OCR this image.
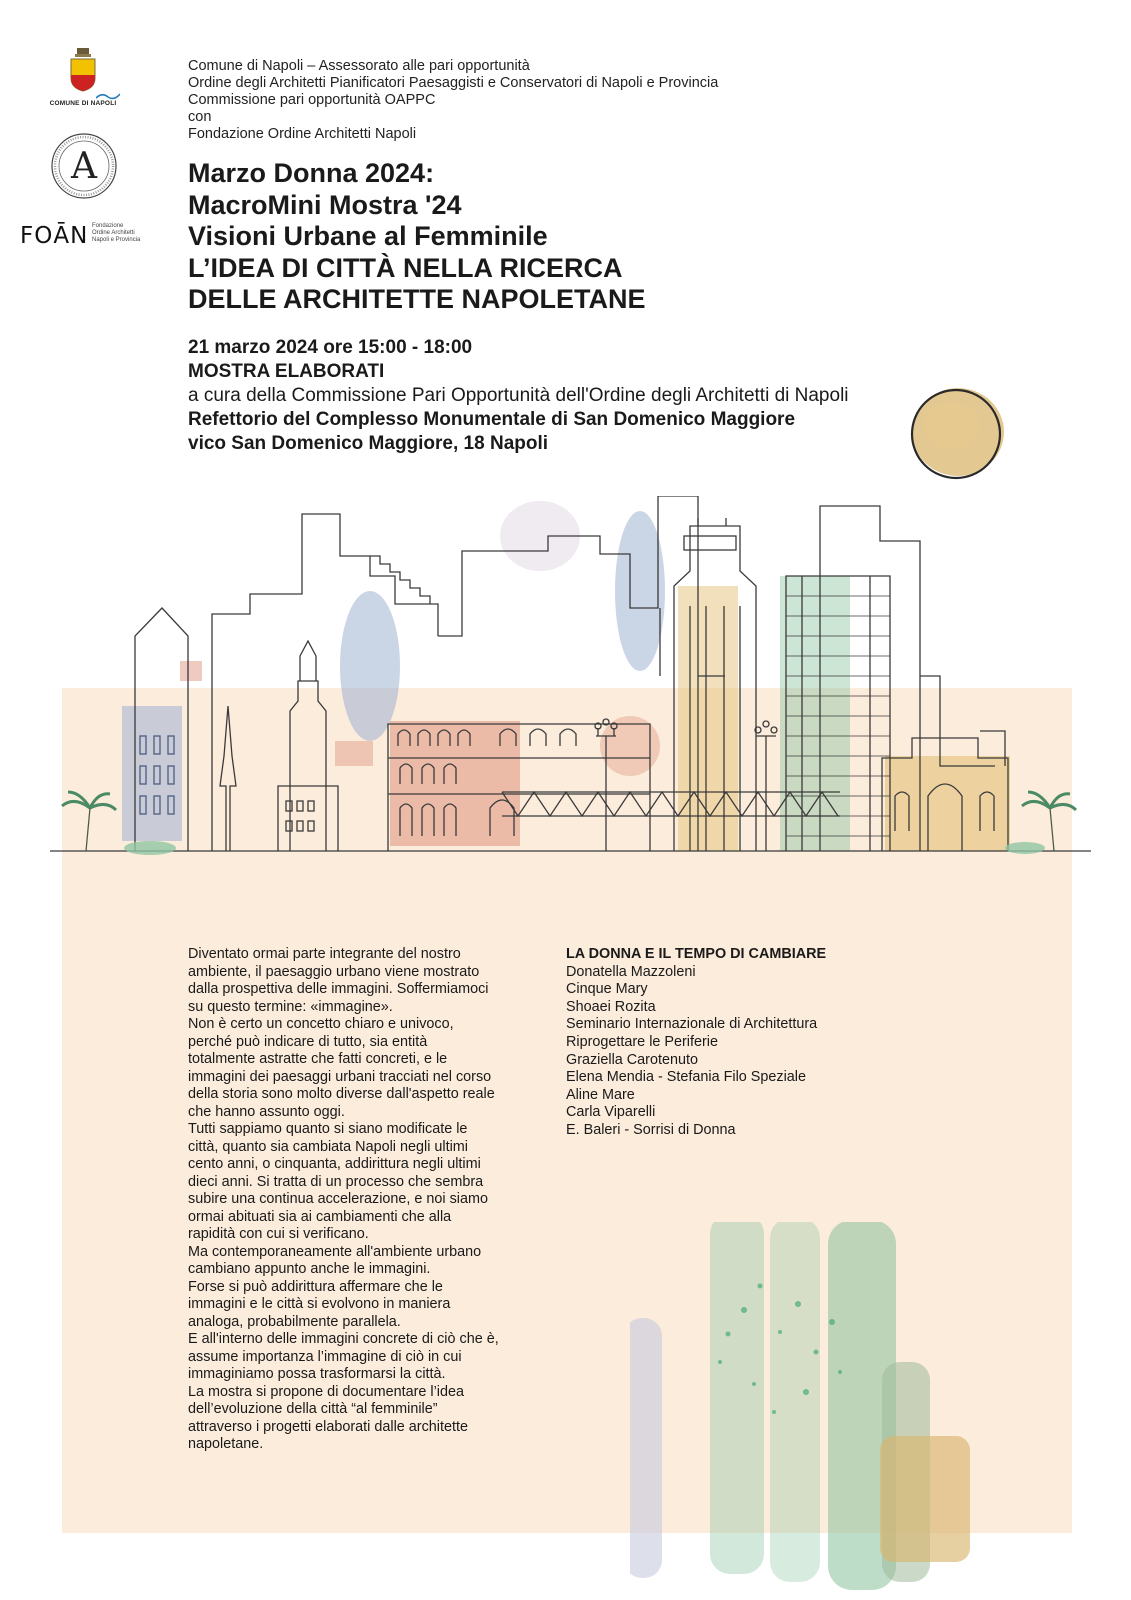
COMUNE DI NAPOLI
A
FOĀN Fondazione
Ordine Architetti
Napoli e Provincia
Comune di Napoli – Assessorato alle pari opportunità
Ordine degli Architetti Pianificatori Paesaggisti e Conservatori di Napoli e Provincia
Commissione pari opportunità OAPPC
con
Fondazione Ordine Architetti Napoli
Marzo Donna 2024:
MacroMini Mostra '24
Visioni Urbane al Femminile
L’IDEA DI CITTÀ NELLA RICERCA
DELLE ARCHITETTE NAPOLETANE
21 marzo 2024 ore 15:00 - 18:00
MOSTRA ELABORATI
a cura della Commissione Pari Opportunità dell'Ordine degli Architetti di Napoli
Refettorio del Complesso Monumentale di San Domenico Maggiore
vico San Domenico Maggiore, 18 Napoli
Diventato ormai parte integrante del nostro
ambiente, il paesaggio urbano viene mostrato
dalla prospettiva delle immagini. Soffermiamoci
su questo termine: «immagine».
Non è certo un concetto chiaro e univoco,
perché può indicare di tutto, sia entità
totalmente astratte che fatti concreti, e le
immagini dei paesaggi urbani tracciati nel corso
della storia sono molto diverse dall'aspetto reale
che hanno assunto oggi.
Tutti sappiamo quanto si siano modificate le
città, quanto sia cambiata Napoli negli ultimi
cento anni, o cinquanta, addirittura negli ultimi
dieci anni. Si tratta di un processo che sembra
subire una continua accelerazione, e noi siamo
ormai abituati sia ai cambiamenti che alla
rapidità con cui si verificano.
Ma contemporaneamente all'ambiente urbano
cambiano appunto anche le immagini.
Forse si può addirittura affermare che le
immagini e le città si evolvono in maniera
analoga, probabilmente parallela.
E all'interno delle immagini concrete di ciò che è,
assume importanza l’immagine di ciò in cui
immaginiamo possa trasformarsi la città.
La mostra si propone di documentare l’idea
dell’evoluzione della città “al femminile”
attraverso i progetti elaborati dalle architette
napoletane.
LA DONNA E IL TEMPO DI CAMBIARE
Donatella Mazzoleni
Cinque Mary
Shoaei Rozita
Seminario Internazionale di Architettura
Riprogettare le Periferie
Graziella Carotenuto
Elena Mendia - Stefania Filo Speziale
Aline Mare
Carla Viparelli
E. Baleri - Sorrisi di Donna
